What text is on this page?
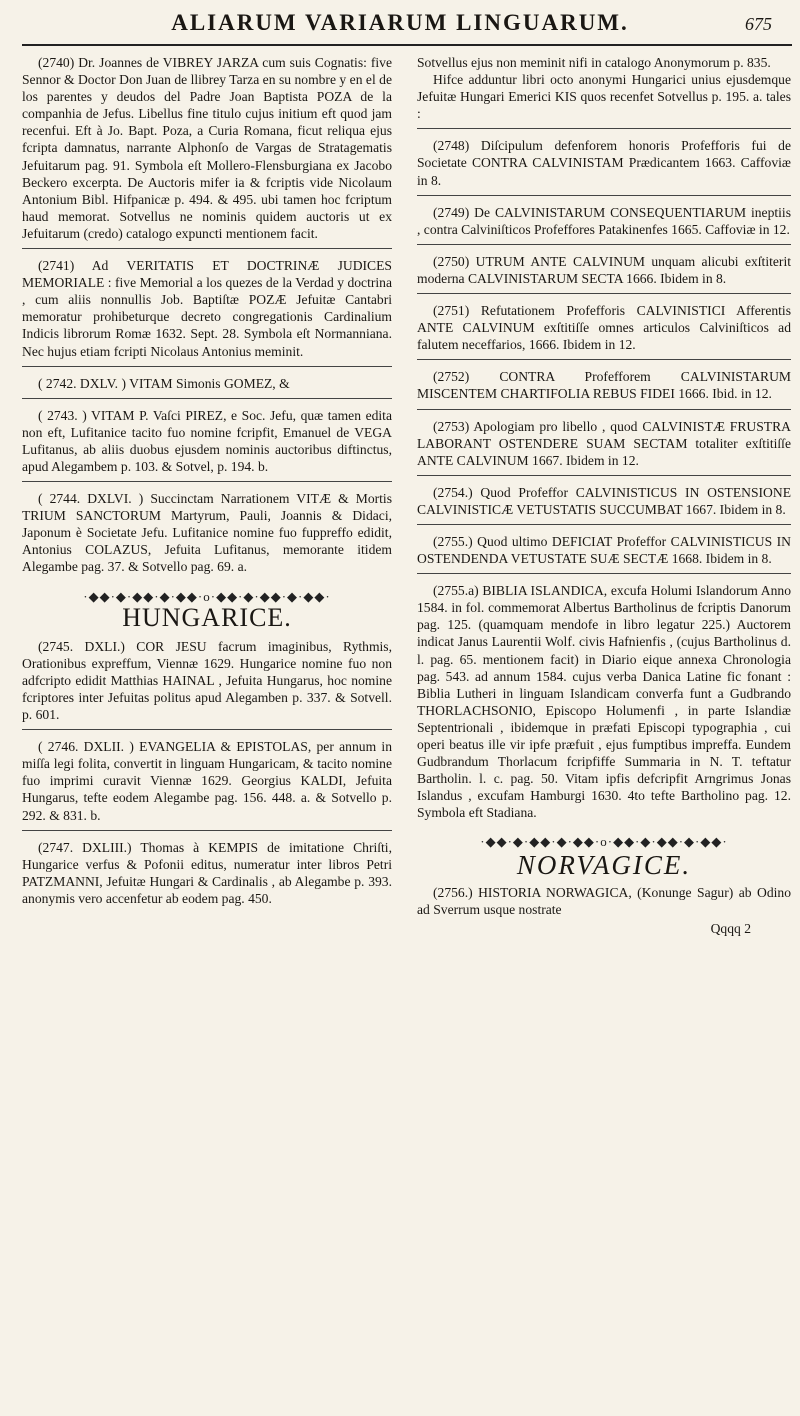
ALIARUM VARIARUM LINGUARUM.	675

(2740) Dr. Joannes de VIBREY JARZA cum suis Cognatis: five Sennor & Doctor Don Juan de llibrey Tarza en su nombre y en el de los parentes y deudos del Padre Joan Baptista POZA de la companhia de Jefus. Libellus fine titulo cujus initium eft quod jam recenfui. Eft à Jo. Bapt. Poza, a Curia Romana, ficut reliqua ejus fcripta damnatus, narrante Alphonſo de Vargas de Stratagematis Jefuitarum pag. 91. Symbola eſt Mollero-Flensburgiana ex Jacobo Beckero excerpta. De Auctoris mifer ia & fcriptis vide Nicolaum Antonium Bibl. Hifpanicæ p. 494. & 495. ubi tamen hoc fcriptum haud memorat. Sotvellus ne nominis quidem auctoris ut ex Jefuitarum (credo) catalogo expuncti mentionem facit.

(2741) Ad VERITATIS ET DOCTRINÆ JUDICES MEMORIALE : five Memorial a los quezes de la Verdad y doctrina , cum aliis nonnullis Job. Baptiſtæ POZÆ Jefuitæ Cantabri memoratur prohibeturque decreto congregationis Cardinalium Indicis librorum Romæ 1632. Sept. 28. Symbola eſt Normanniana. Nec hujus etiam fcripti Nicolaus Antonius meminit.

( 2742. DXLV. ) VITAM Simonis GOMEZ, &

( 2743. ) VITAM P. Vaſci PIREZ, e Soc. Jefu, quæ tamen edita non eft, Lufitanice tacito fuo nomine fcripfit, Emanuel de VEGA Lufitanus, ab aliis duobus ejusdem nominis auctoribus diftinctus, apud Alegambem p. 103. & Sotvel, p. 194. b.

( 2744. DXLVI. ) Succinctam Narrationem VITÆ & Mortis TRIUM SANCTORUM Martyrum, Pauli, Joannis & Didaci, Japonum è Societate Jefu. Lufitanice nomine fuo fuppreffo edidit, Antonius COLAZUS, Jefuita Lufitanus, memorante itidem Alegambe pag. 37. & Sotvello pag. 69. a.

·◆◆·◆·◆◆·◆·◆◆·o·◆◆·◆·◆◆·◆·◆◆·
HUNGARICE.

(2745. DXLI.) COR JESU facrum imaginibus, Rythmis, Orationibus expreffum, Viennæ 1629. Hungarice nomine fuo non adfcripto edidit Matthias HAINAL , Jefuita Hungarus, hoc nomine fcriptores inter Jefuitas politus apud Alegamben p. 337. & Sotvell. p. 601.

( 2746. DXLII. ) EVANGELIA & EPISTOLAS, per annum in miſſa legi folita, convertit in linguam Hungaricam, & tacito nomine fuo imprimi curavit Viennæ 1629. Georgius KALDI, Jefuita Hungarus, tefte eodem Alegambe pag. 156. 448. a. & Sotvello p. 292. & 831. b.

(2747. DXLIII.) Thomas à KEMPIS de imitatione Chriſti, Hungarice verfus & Pofonii editus, numeratur inter libros Petri PATZMANNI, Jefuitæ Hungari & Cardinalis , ab Alegambe p. 393. anonymis vero accenfetur ab eodem pag. 450.

Sotvellus ejus non meminit nifi in catalogo Anonymorum p. 835.

Hifce adduntur libri octo anonymi Hungarici unius ejusdemque Jefuitæ Hungari Emerici KIS quos recenfet Sotvellus p. 195. a. tales :

(2748) Diſcipulum defenforem honoris Profefforis fui de Societate CONTRA CALVINISTAM Prædicantem 1663. Caffoviæ in 8.

(2749) De CALVINISTARUM CONSEQUENTIARUM ineptiis , contra Calviniſticos Profeffores Patakinenfes 1665. Caffoviæ in 12.

(2750) UTRUM ANTE CALVINUM unquam alicubi exſtiterit moderna CALVINISTARUM SECTA 1666. Ibidem in 8.

(2751) Refutationem Profefforis CALVINISTICI Afferentis ANTE CALVINUM exſtitiſſe omnes articulos Calviniſticos ad falutem neceffarios, 1666. Ibidem in 12.

(2752) CONTRA Profefforem CALVINISTARUM MISCENTEM CHARTIFOLIA REBUS FIDEI 1666. Ibid. in 12.

(2753) Apologiam pro libello , quod CALVINISTÆ FRUSTRA LABORANT OSTENDERE SUAM SECTAM totaliter exſtitiſſe ANTE CALVINUM 1667. Ibidem in 12.

(2754.) Quod Profeffor CALVINISTICUS IN OSTENSIONE CALVINISTICÆ VETUSTATIS SUCCUMBAT 1667. Ibidem in 8.

(2755.) Quod ultimo DEFICIAT Profeffor CALVINISTICUS IN OSTENDENDA VETUSTATE SUÆ SECTÆ 1668. Ibidem in 8.

(2755.a) BIBLIA ISLANDICA, excufa Holumi Islandorum Anno 1584. in fol. commemorat Albertus Bartholinus de fcriptis Danorum pag. 125. (quamquam mendofe in libro legatur 225.) Auctorem indicat Janus Laurentii Wolf. civis Hafnienfis , (cujus Bartholinus d. l. pag. 65. mentionem facit) in Diario eique annexa Chronologia pag. 543. ad annum 1584. cujus verba Danica Latine fic fonant : Biblia Lutheri in linguam Islandicam converfa funt a Gudbrando THORLACHSONIO, Episcopo Holumenfi , in parte Islandiæ Septentrionali , ibidemque in præfati Episcopi typographia , cui operi beatus ille vir ipfe præfuit , ejus fumptibus impreffa. Eundem Gudbrandum Thorlacum fcripfiffe Summaria in N. T. teftatur Bartholin. l. c. pag. 50. Vitam ipfis defcripfit Arngrimus Jonas Islandus , excufam Hamburgi 1630. 4to tefte Bartholino pag. 12. Symbola eft Stadiana.

·◆◆·◆·◆◆·◆·◆◆·o·◆◆·◆·◆◆·◆·◆◆·
NORVAGICE.

(2756.) HISTORIA NORWAGICA, (Konunge Sagur) ab Odino ad Sverrum usque nostrate

Qqqq 2
